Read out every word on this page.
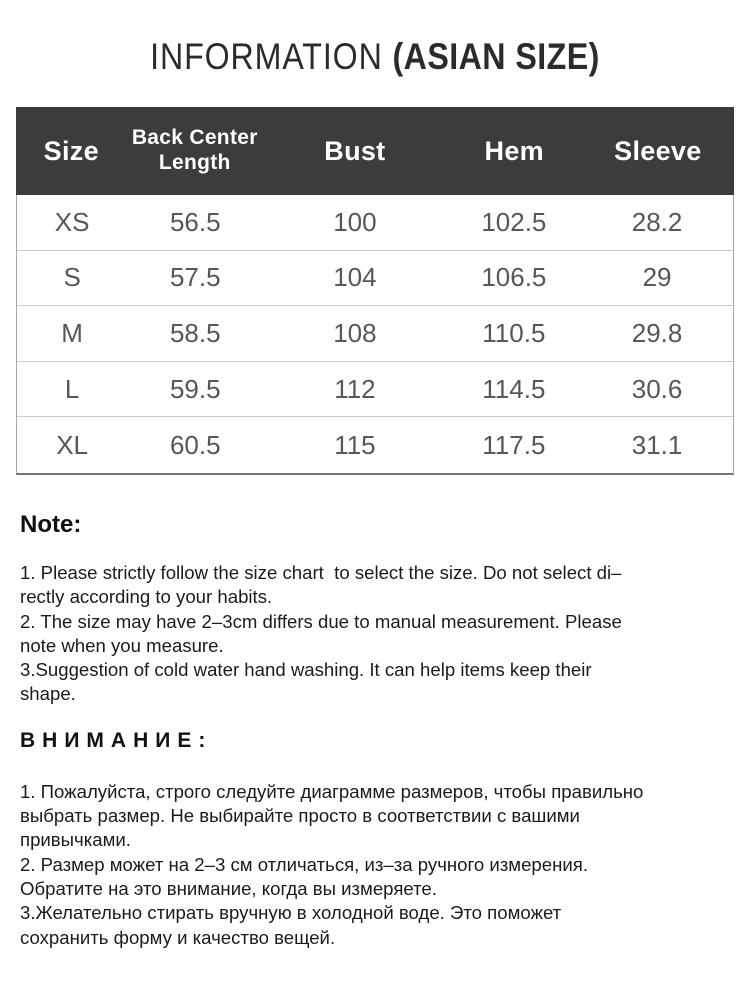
INFORMATION (ASIAN SIZE)
Size	Back Center Length	Bust	Hem	Sleeve
XS	56.5	100	102.5	28.2
S	57.5	104	106.5	29
M	58.5	108	110.5	29.8
L	59.5	112	114.5	30.6
XL	60.5	115	117.5	31.1
Note:
1. Please strictly follow the size chart  to select the size. Do not select di–
rectly according to your habits.
2. The size may have 2–3cm differs due to manual measurement. Please
note when you measure.
3.Suggestion of cold water hand washing. It can help items keep their
shape.
ВНИМАНИЕ:
1. Пожалуйста, строго следуйте диаграмме размеров, чтобы правильно
выбрать размер. Не выбирайте просто в соответствии с вашими
привычками.
2. Размер может на 2–3 см отличаться, из–за ручного измерения.
Обратите на это внимание, когда вы измеряете.
3.Желательно стирать вручную в холодной воде. Это поможет
сохранить форму и качество вещей.
